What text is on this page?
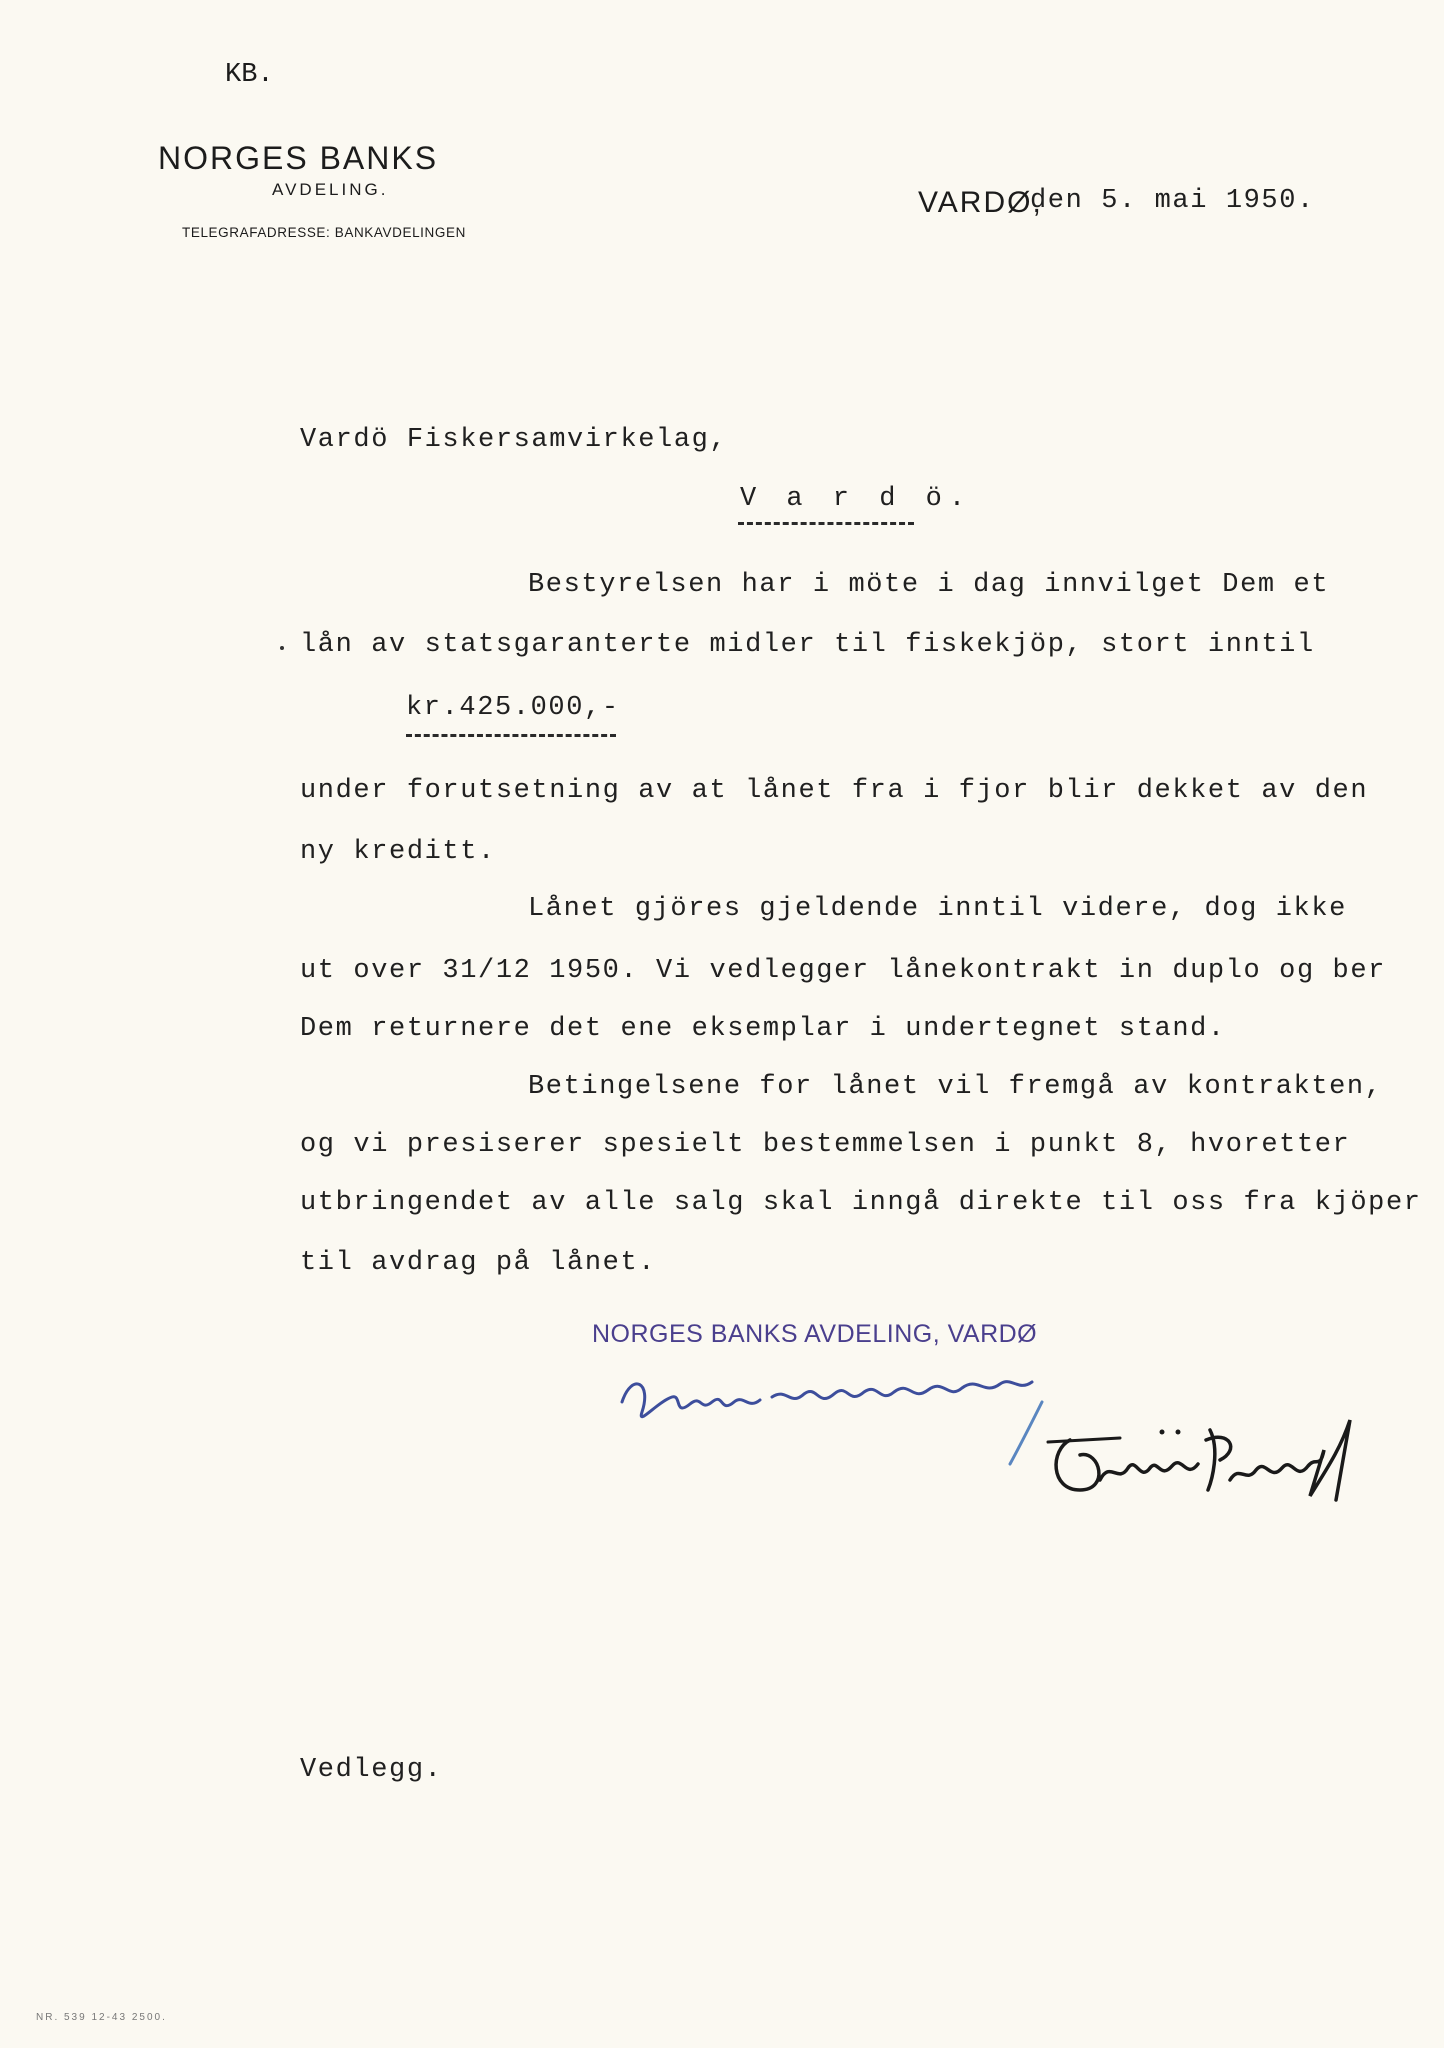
KB.
NORGES BANKS
AVDELING.
TELEGRAFADRESSE: BANKAVDELINGEN
VARDØ,
den 5. mai 1950.
Vardö Fiskersamvirkelag,
V a r d ö.
Bestyrelsen har i möte i dag innvilget Dem et
lån av statsgaranterte midler til fiskekjöp, stort inntil
kr.425.000,-
under forutsetning av at lånet fra i fjor blir dekket av den
ny kreditt.
Lånet gjöres gjeldende inntil videre, dog ikke
ut over 31/12 1950. Vi vedlegger lånekontrakt in duplo og ber
Dem returnere det ene eksemplar i undertegnet stand.
Betingelsene for lånet vil fremgå av kontrakten,
og vi presiserer spesielt bestemmelsen i punkt 8, hvoretter
utbringendet av alle salg skal inngå direkte til oss fra kjöper
til avdrag på lånet.
NORGES BANKS AVDELING, VARDØ
Vedlegg.
NR. 539 12-43 2500.
